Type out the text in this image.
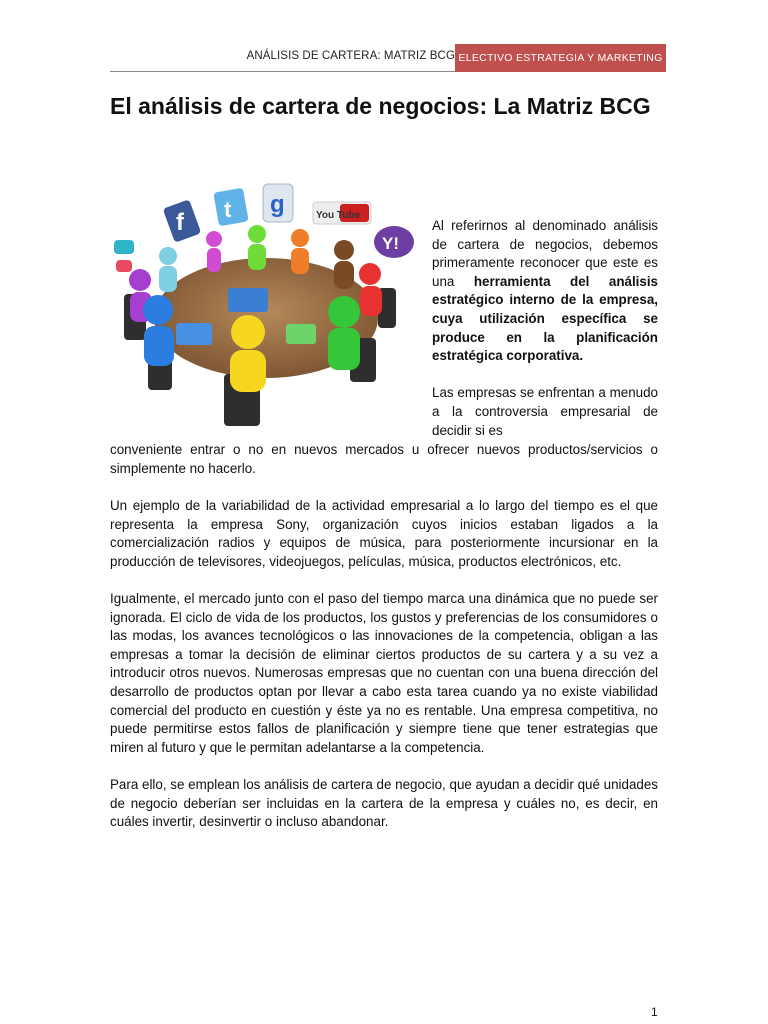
ANÁLISIS DE CARTERA: MATRIZ BCG ELECTIVO ESTRATEGIA Y MARKETING
El análisis de cartera de negocios: La Matriz BCG
f t g	You Tube
Y!

Al referirnos al denominado análisis de cartera de negocios, debemos primeramente reconocer que este es una herramienta del análisis estratégico interno de la empresa, cuya utilización específica se produce en la planificación estratégica corporativa.

Las empresas se enfrentan a menudo a la controversia empresarial de decidir si es

conveniente entrar o no en nuevos mercados u ofrecer nuevos productos/servicios o simplemente no hacerlo.

Un ejemplo de la variabilidad de la actividad empresarial a lo largo del tiempo es el que representa la empresa Sony, organización cuyos inicios estaban ligados a la comercialización radios y equipos de música, para posteriormente incursionar en la producción de televisores, videojuegos, películas, música, productos electrónicos, etc.

Igualmente, el mercado junto con el paso del tiempo marca una dinámica que no puede ser ignorada. El ciclo de vida de los productos, los gustos y preferencias de los consumidores o las modas, los avances tecnológicos o las innovaciones de la competencia, obligan a las empresas a tomar la decisión de eliminar ciertos productos de su cartera y a su vez a introducir otros nuevos. Numerosas empresas que no cuentan con una buena dirección del desarrollo de productos optan por llevar a cabo esta tarea cuando ya no existe viabilidad comercial del producto en cuestión y éste ya no es rentable. Una empresa competitiva, no puede permitirse estos fallos de planificación y siempre tiene que tener estrategias que miren al futuro y que le permitan adelantarse a la competencia.

Para ello, se emplean los análisis de cartera de negocio, que ayudan a decidir qué unidades de negocio deberían ser incluidas en la cartera de la empresa y cuáles no, es decir, en cuáles invertir, desinvertir o incluso abandonar.

1
